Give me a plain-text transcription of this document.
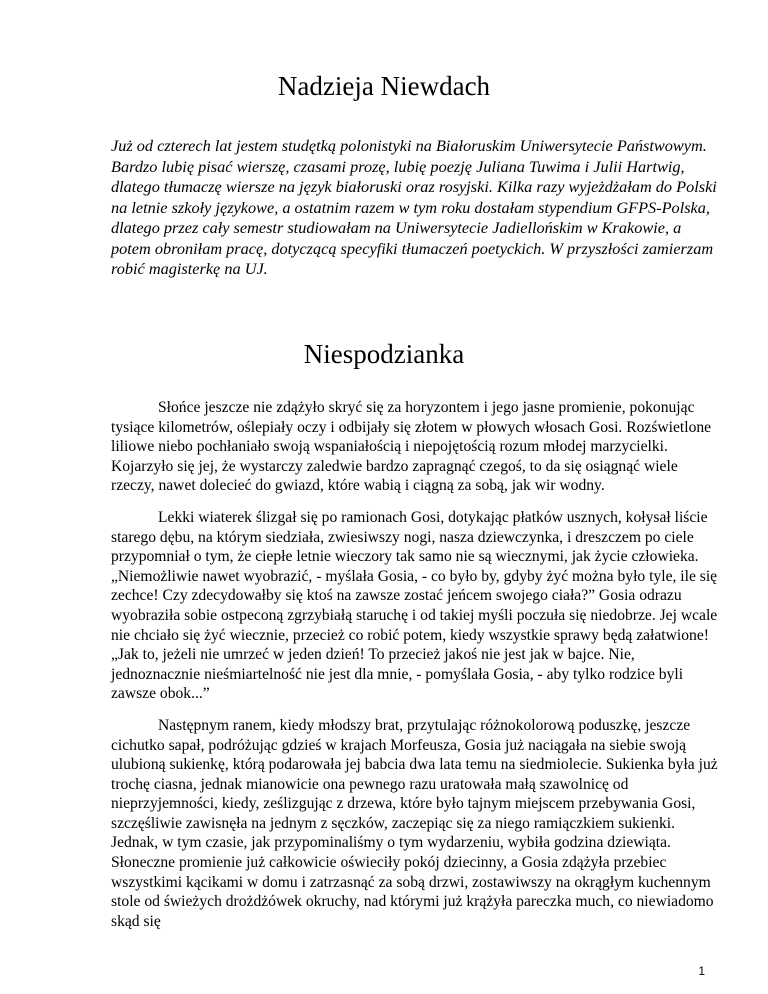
Nadzieja Niewdach

Już od czterech lat jestem studętką polonistyki na Białoruskim Uniwersytecie Państwowym. Bardzo lubię pisać wierszę, czasami prozę, lubię poezję Juliana Tuwima i Julii Hartwig, dlatego tłumaczę wiersze na język białoruski oraz rosyjski. Kilka razy wyjeżdżałam do Polski na letnie szkoły językowe, a ostatnim razem w tym roku dostałam stypendium GFPS-Polska, dlatego przez cały semestr studiowałam na Uniwersytecie Jadiellońskim w Krakowie, a potem obroniłam pracę, dotyczącą specyfiki tłumaczeń poetyckich. W przyszłości zamierzam robić magisterkę na UJ.

Niespodzianka

Słońce jeszcze nie zdążyło skryć się za horyzontem i jego jasne promienie, pokonując tysiące kilometrów, oślepiały oczy i odbijały się złotem w płowych włosach Gosi. Rozświetlone liliowe niebo pochłaniało swoją wspaniałością i niepojętością rozum młodej marzycielki. Kojarzyło się jej, że wystarczy zaledwie bardzo zapragnąć czegoś, to da się osiągnąć wiele rzeczy, nawet dolecieć do gwiazd, które wabią i ciągną za sobą, jak wir wodny.

Lekki wiaterek ślizgał się po ramionach Gosi, dotykając płatków usznych, kołysał liście starego dębu, na którym siedziała, zwiesiwszy nogi, nasza dziewczynka, i dreszczem po ciele przypomniał o tym, że ciepłe letnie wieczory tak samo nie są wiecznymi, jak życie człowieka. „Niemożliwie nawet wyobrazić, - myślała Gosia, - co było by, gdyby żyć można było tyle, ile się zechce! Czy zdecydowałby się ktoś na zawsze zostać jeńcem swojego ciała?” Gosia odrazu wyobraziła sobie ostpeconą zgrzybiałą staruchę i od takiej myśli poczuła się niedobrze. Jej wcale nie chciało się żyć wiecznie, przecież co robić potem, kiedy wszystkie sprawy będą załatwione! „Jak to, jeżeli nie umrzeć w jeden dzień! To przecież jakoś nie jest jak w bajce. Nie, jednoznacznie nieśmiartelność nie jest dla mnie, - pomyślała Gosia, - aby tylko rodzice byli zawsze obok...”

Następnym ranem, kiedy młodszy brat, przytulając różnokolorową poduszkę, jeszcze cichutko sapał, podróżując gdzieś w krajach Morfeusza, Gosia już naciągała na siebie swoją ulubioną sukienkę, którą podarowała jej babcia dwa lata temu na siedmiolecie. Sukienka była już trochę ciasna, jednak mianowicie ona pewnego razu uratowała małą szawolnicę od nieprzyjemności, kiedy, ześlizgując z drzewa, które było tajnym miejscem przebywania Gosi, szczęśliwie zawisnęła na jednym z sęczków, zaczepiąc się za niego ramiączkiem sukienki. Jednak, w tym czasie, jak przypominaliśmy o tym wydarzeniu, wybiła godzina dziewiąta. Słoneczne promienie już całkowicie oświeciły pokój dziecinny, a Gosia zdążyła przebiec wszystkimi kącikami w domu i zatrzasnąć za sobą drzwi, zostawiwszy na okrągłym kuchennym stole od świeżych drożdżówek okruchy, nad którymi już krążyła pareczka much, co niewiadomo skąd się

1
